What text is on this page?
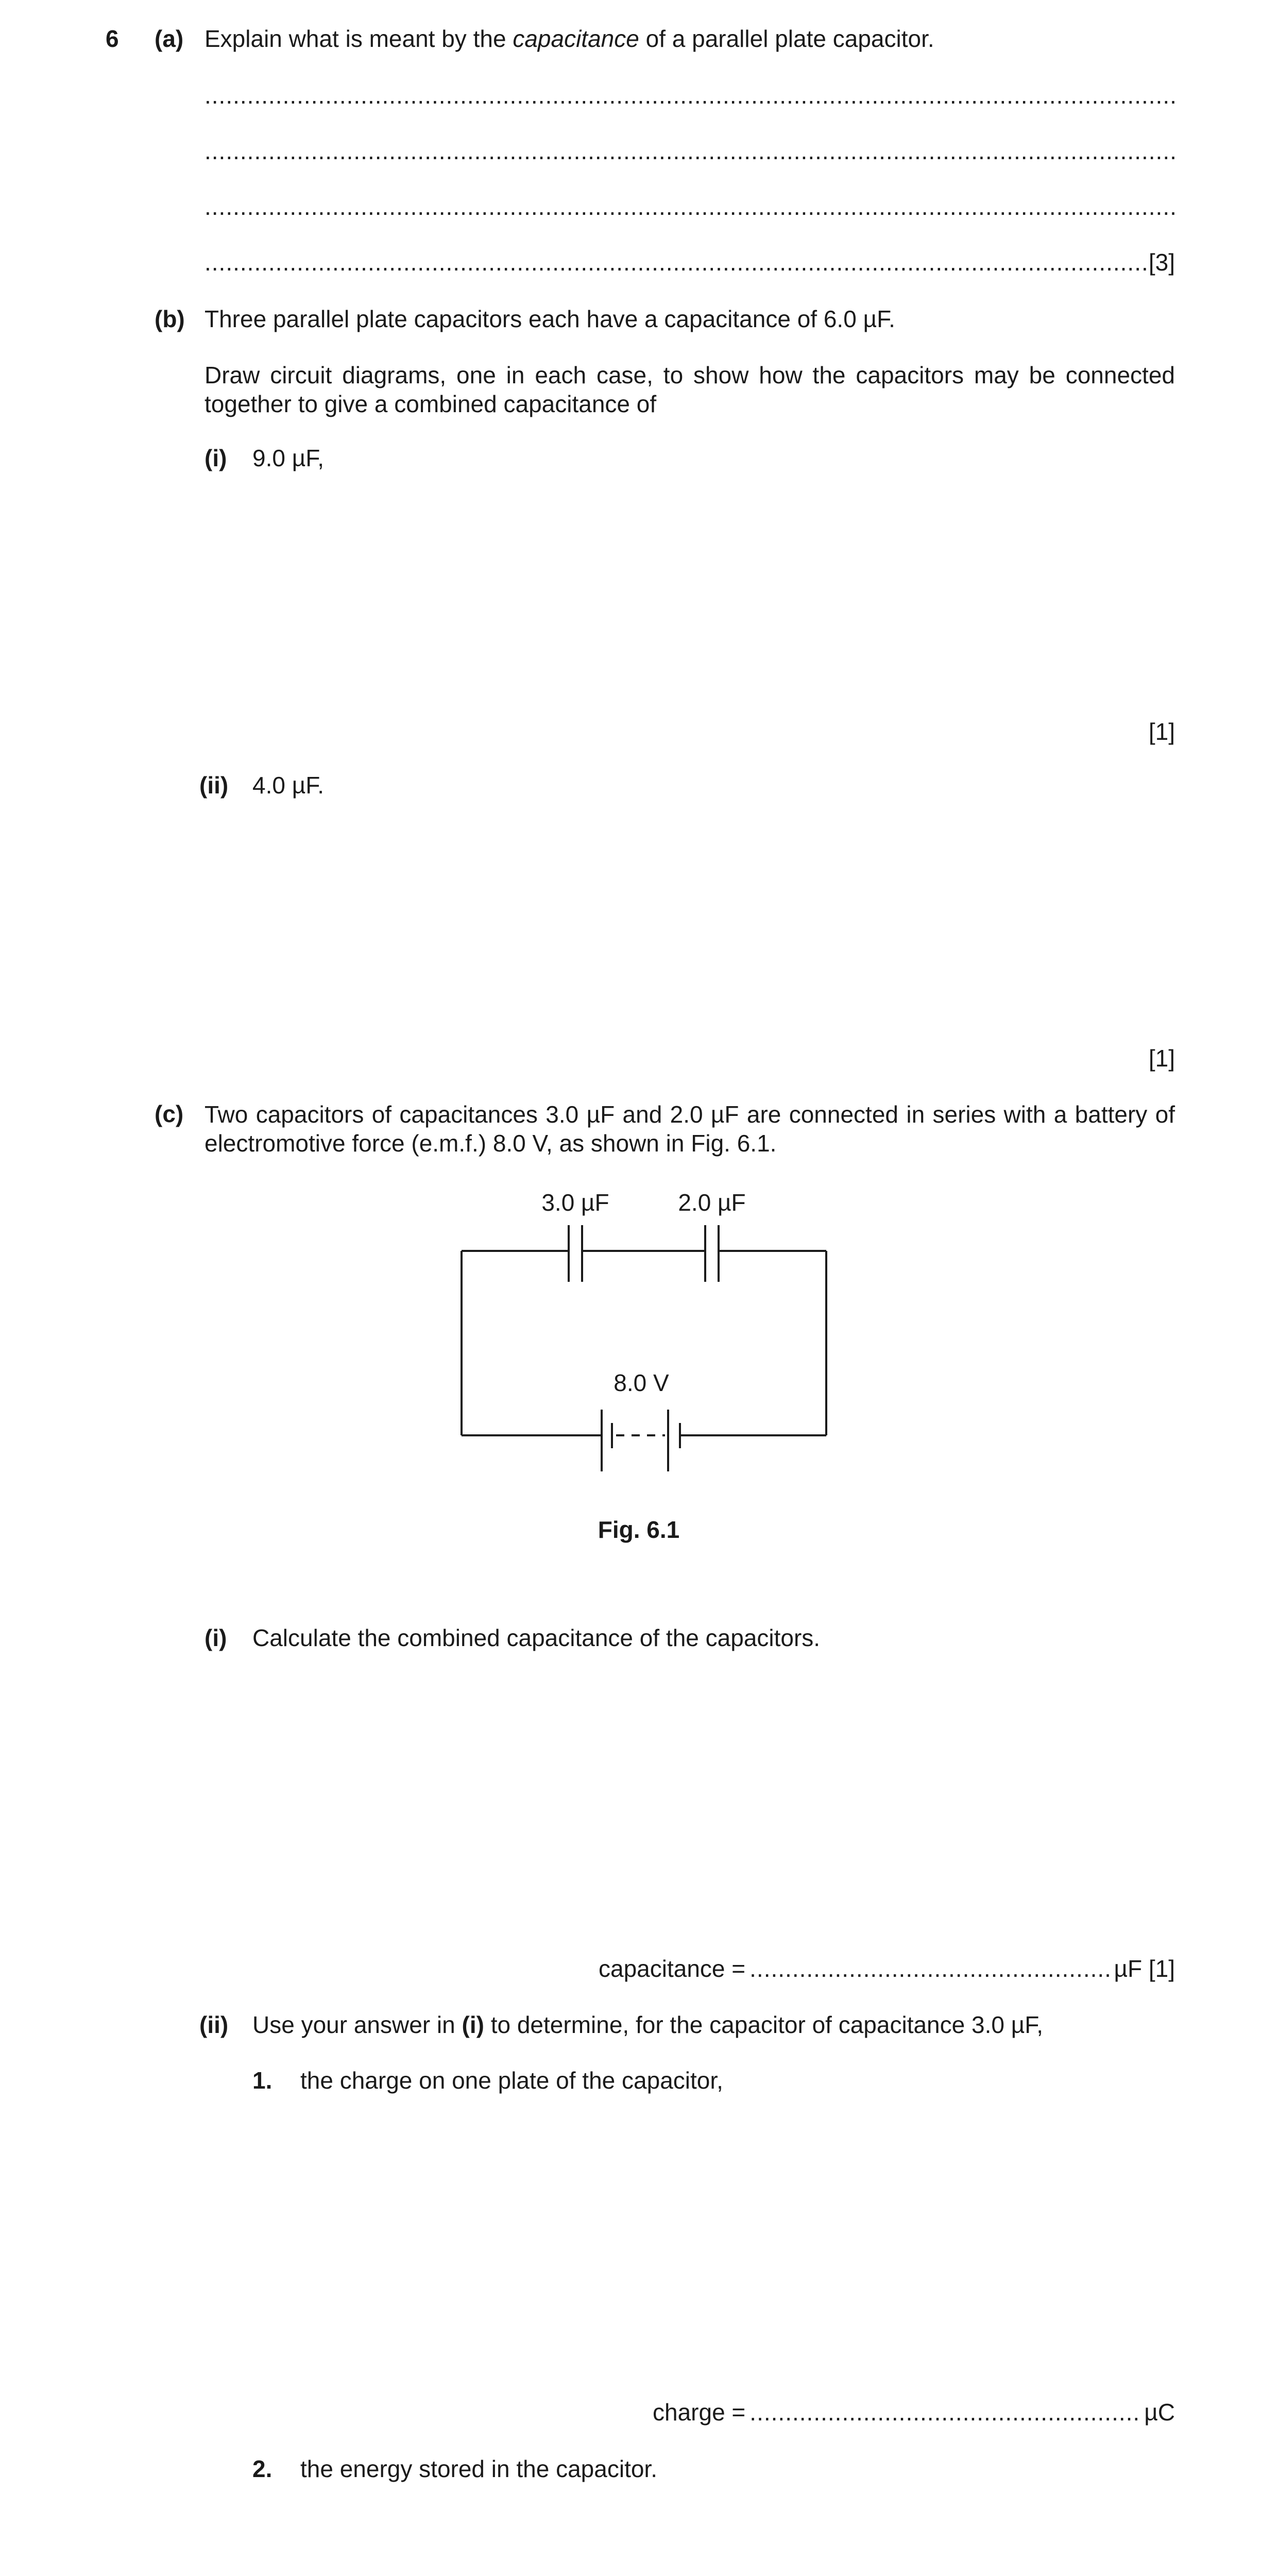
6 (a) Explain what is meant by the capacitance of a parallel plate capacitor.
.....
.....
.....
.....
[3]
(b) Three parallel plate capacitors each have a capacitance of 6.0 µF.
Draw circuit diagrams, one in each case, to show how the capacitors may be connected together to give a combined capacitance of
(i) 9.0 µF,
[1]
(ii) 4.0 µF.
[1]
(c) Two capacitors of capacitances 3.0 µF and 2.0 µF are connected in series with a battery of electromotive force (e.m.f.) 8.0 V, as shown in Fig. 6.1.
3.0 µF	2.0 µF
8.0 V
Fig. 6.1
(i) Calculate the combined capacitance of the capacitors.
capacitance = .....	µF [1]
(ii) Use your answer in (i) to determine, for the capacitor of capacitance 3.0 µF,
1. the charge on one plate of the capacitor,
charge = .....	µC
2. the energy stored in the capacitor.
